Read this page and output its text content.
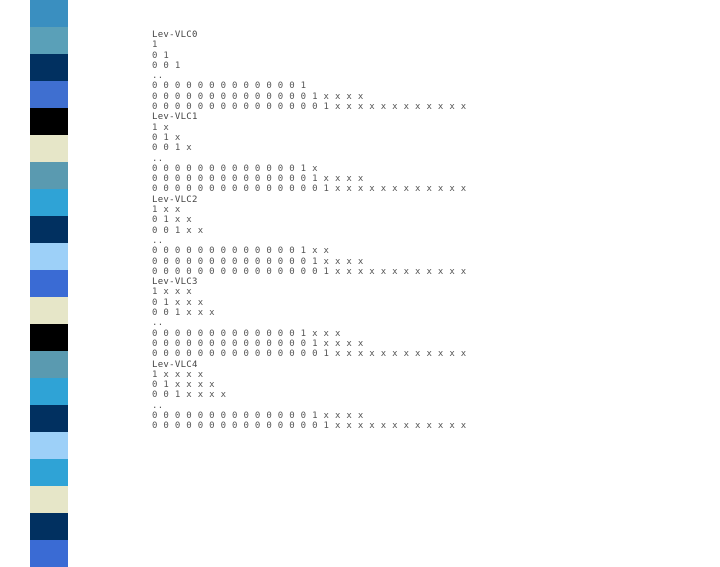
Lev-VLC0
1
0 1
0 0 1
..
0 0 0 0 0 0 0 0 0 0 0 0 0 1
0 0 0 0 0 0 0 0 0 0 0 0 0 0 1 x x x x
0 0 0 0 0 0 0 0 0 0 0 0 0 0 0 1 x x x x x x x x x x x x
Lev-VLC1
1 x
0 1 x
0 0 1 x
..
0 0 0 0 0 0 0 0 0 0 0 0 0 1 x
0 0 0 0 0 0 0 0 0 0 0 0 0 0 1 x x x x
0 0 0 0 0 0 0 0 0 0 0 0 0 0 0 1 x x x x x x x x x x x x
Lev-VLC2
1 x x
0 1 x x
0 0 1 x x
..
0 0 0 0 0 0 0 0 0 0 0 0 0 1 x x
0 0 0 0 0 0 0 0 0 0 0 0 0 0 1 x x x x
0 0 0 0 0 0 0 0 0 0 0 0 0 0 0 1 x x x x x x x x x x x x
Lev-VLC3
1 x x x
0 1 x x x
0 0 1 x x x
..
0 0 0 0 0 0 0 0 0 0 0 0 0 1 x x x
0 0 0 0 0 0 0 0 0 0 0 0 0 0 1 x x x x
0 0 0 0 0 0 0 0 0 0 0 0 0 0 0 1 x x x x x x x x x x x x
Lev-VLC4
1 x x x x
0 1 x x x x
0 0 1 x x x x
..
0 0 0 0 0 0 0 0 0 0 0 0 0 0 1 x x x x
0 0 0 0 0 0 0 0 0 0 0 0 0 0 0 1 x x x x x x x x x x x x
